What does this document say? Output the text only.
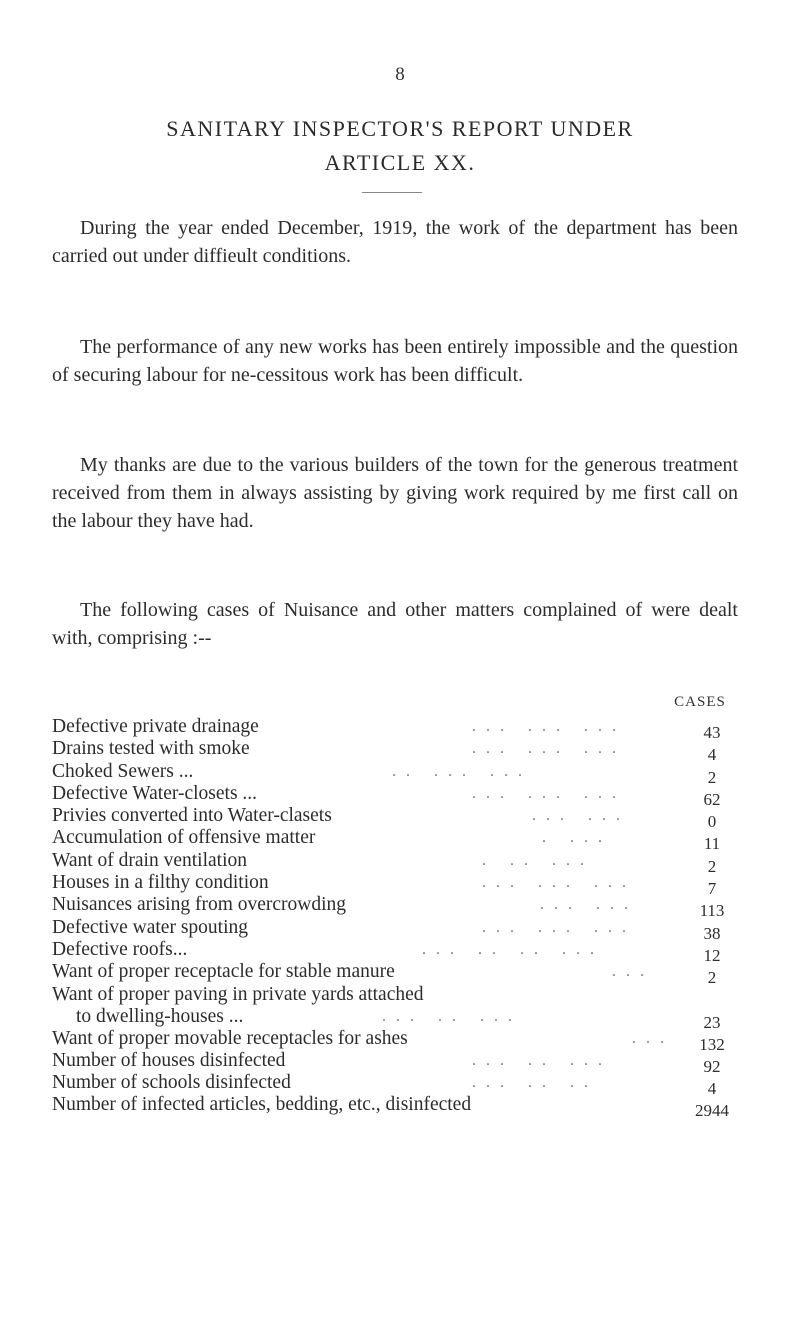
8
SANITARY INSPECTOR'S REPORT UNDER
ARTICLE XX.
During the year ended December, 1919, the work of the department has been carried out under diffieult conditions.
The performance of any new works has been entirely impossible and the question of securing labour for ne-cessitous work has been difficult.
My thanks are due to the various builders of the town for the generous treatment received from them in always assisting by giving work required by me first call on the labour they have had.
The following cases of Nuisance and other matters complained of were dealt with, comprising :--
CASES
Defective private drainage	... ... ...	43
Drains tested with smoke	... ... ...	4
Choked Sewers ...	.. ... ...	2
Defective Water-closets ...	... ... ...	62
Privies converted into Water-clasets	... ...	0
Accumulation of offensive matter	. ...	11
Want of drain ventilation	. .. ...	2
Houses in a filthy condition	... ... ...	7
Nuisances arising from overcrowding	... ...	113
Defective water spouting	... ... ...	38
Defective roofs...	... .. .. ...	12
Want of proper receptacle for stable manure	...	2
Want of proper paving in private yards attached
to dwelling-houses ...	... .. ...	23
Want of proper movable receptacles for ashes	...	132
Number of houses disinfected	... .. ...	92
Number of schools disinfected	... .. ..	4
Number of infected articles, bedding, etc., disinfected	2944
